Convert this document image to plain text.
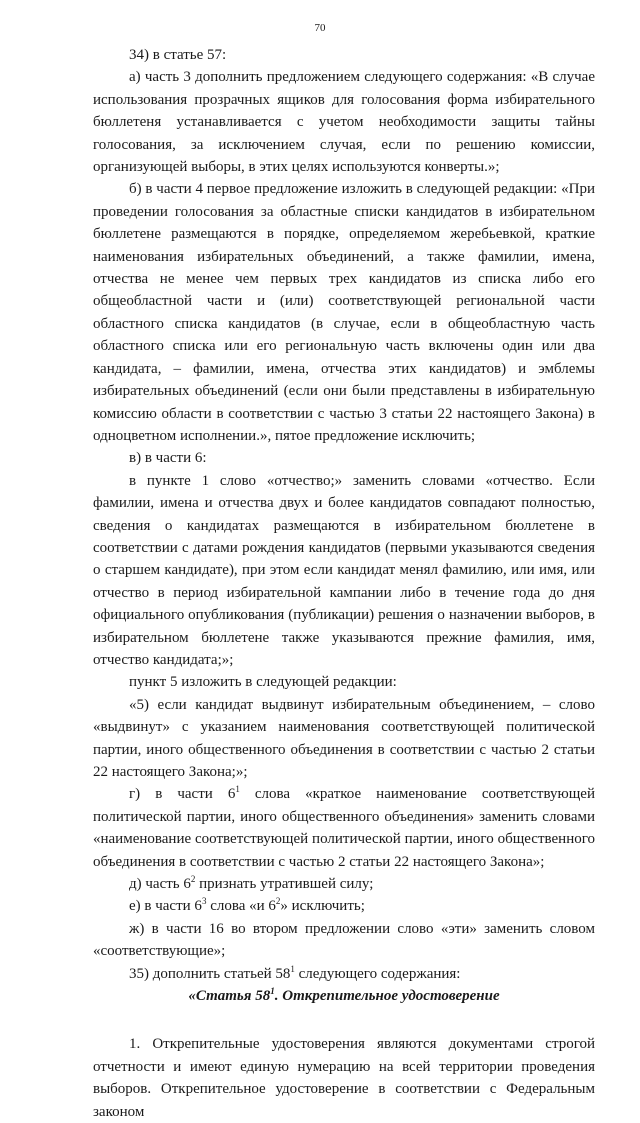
70

34) в статье 57:

а) часть 3 дополнить предложением следующего содержания: «В случае использования прозрачных ящиков для голосования форма избирательного бюллетеня устанавливается с учетом необходимости защиты тайны голосования, за исключением случая, если по решению комиссии, организующей выборы, в этих целях используются конверты.»;

б) в части 4 первое предложение изложить в следующей редакции: «При проведении голосования за областные списки кандидатов в избирательном бюллетене размещаются в порядке, определяемом жеребьевкой, краткие наименования избирательных объединений, а также фамилии, имена, отчества не менее чем первых трех кандидатов из списка либо его общеобластной части и (или) соответствующей региональной части областного списка кандидатов (в случае, если в общеобластную часть областного списка или его региональную часть включены один или два кандидата, – фамилии, имена, отчества этих кандидатов) и эмблемы избирательных объединений (если они были представлены в избирательную комиссию области в соответствии с частью 3 статьи 22 настоящего Закона) в одноцветном исполнении.», пятое предложение исключить;

в) в части 6:

в пункте 1 слово «отчество;» заменить словами «отчество. Если фамилии, имена и отчества двух и более кандидатов совпадают полностью, сведения о кандидатах размещаются в избирательном бюллетене в соответствии с датами рождения кандидатов (первыми указываются сведения о старшем кандидате), при этом если кандидат менял фамилию, или имя, или отчество в период избирательной кампании либо в течение года до дня официального опубликования (публикации) решения о назначении выборов, в избирательном бюллетене также указываются прежние фамилия, имя, отчество кандидата;»;

пункт 5 изложить в следующей редакции:

«5) если кандидат выдвинут избирательным объединением, – слово «выдвинут» с указанием наименования соответствующей политической партии, иного общественного объединения в соответствии с частью 2 статьи 22 настоящего Закона;»;

г) в части $6^1$ слова «краткое наименование соответствующей политической партии, иного общественного объединения» заменить словами «наименование соответствующей политической партии, иного общественного объединения в соответствии с частью 2 статьи 22 настоящего Закона»;

д) часть $6^2$ признать утратившей силу;

е) в части $6^3$ слова «и $6^2$» исключить;

ж) в части 16 во втором предложении слово «эти» заменить словом «соответствующие»;

35) дополнить статьей $58^1$ следующего содержания:

«Статья $58^1$. Открепительное удостоверение

1. Открепительные удостоверения являются документами строгой отчетности и имеют единую нумерацию на всей территории проведения выборов. Открепительное удостоверение в соответствии с Федеральным законом
